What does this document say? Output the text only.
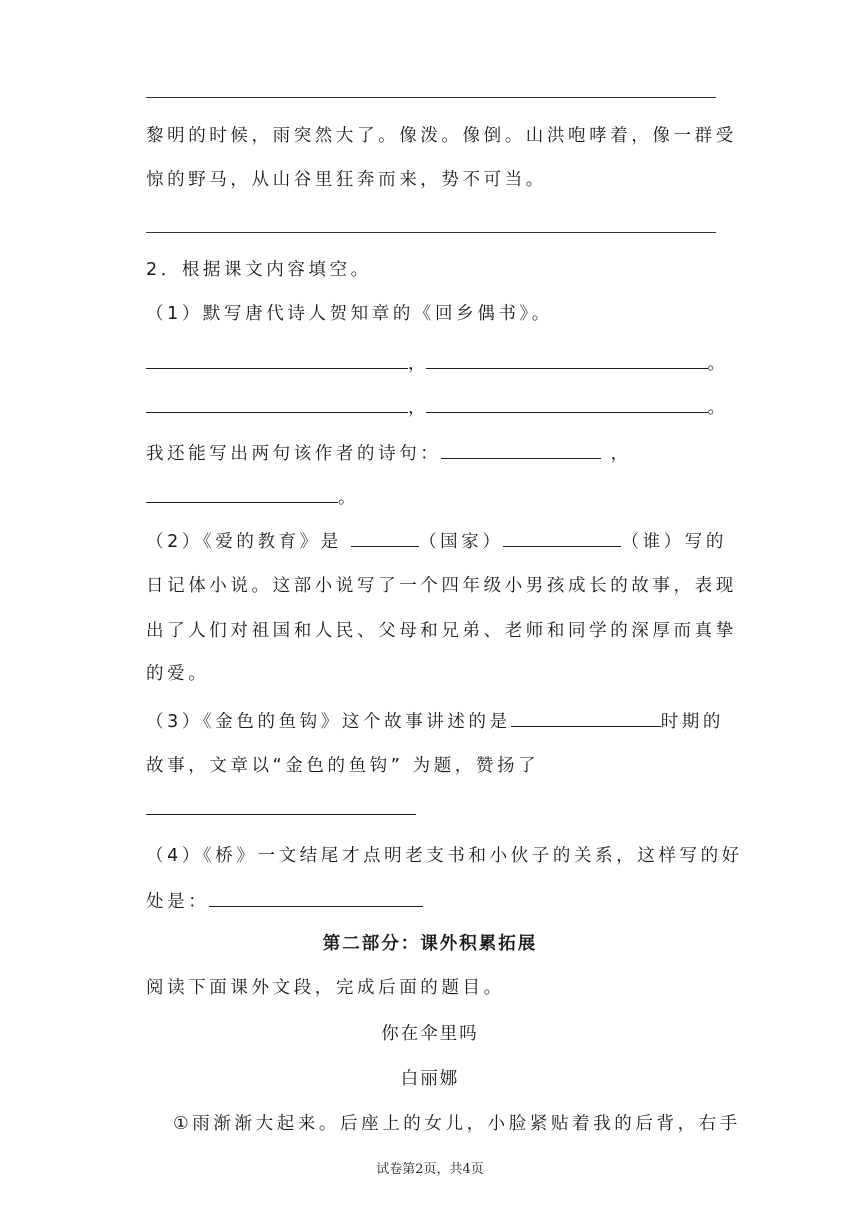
黎明的时候，雨突然大了。像泼。像倒。山洪咆哮着，像一群受
惊的野马，从山谷里狂奔而来，势不可当。
2．根据课文内容填空。
（1）默写唐代诗人贺知章的《回乡偶书》。
，	。
，	。
我还能写出两句该作者的诗句：	，
。
（2）《爱的教育》是	（国家）	（谁）写的
日记体小说。这部小说写了一个四年级小男孩成长的故事，表现
出了人们对祖国和人民、父母和兄弟、老师和同学的深厚而真挚
的爱。
（3）《金色的鱼钩》这个故事讲述的是	时期的
故事，文章以“金色的鱼钩” 为题，赞扬了
（4）《桥》一文结尾才点明老支书和小伙子的关系，这样写的好
处是：
第二部分：课外积累拓展
阅读下面课外文段，完成后面的题目。
你在伞里吗
白丽娜
①雨渐渐大起来。后座上的女儿，小脸紧贴着我的后背，右手
试卷第2页，共4页
